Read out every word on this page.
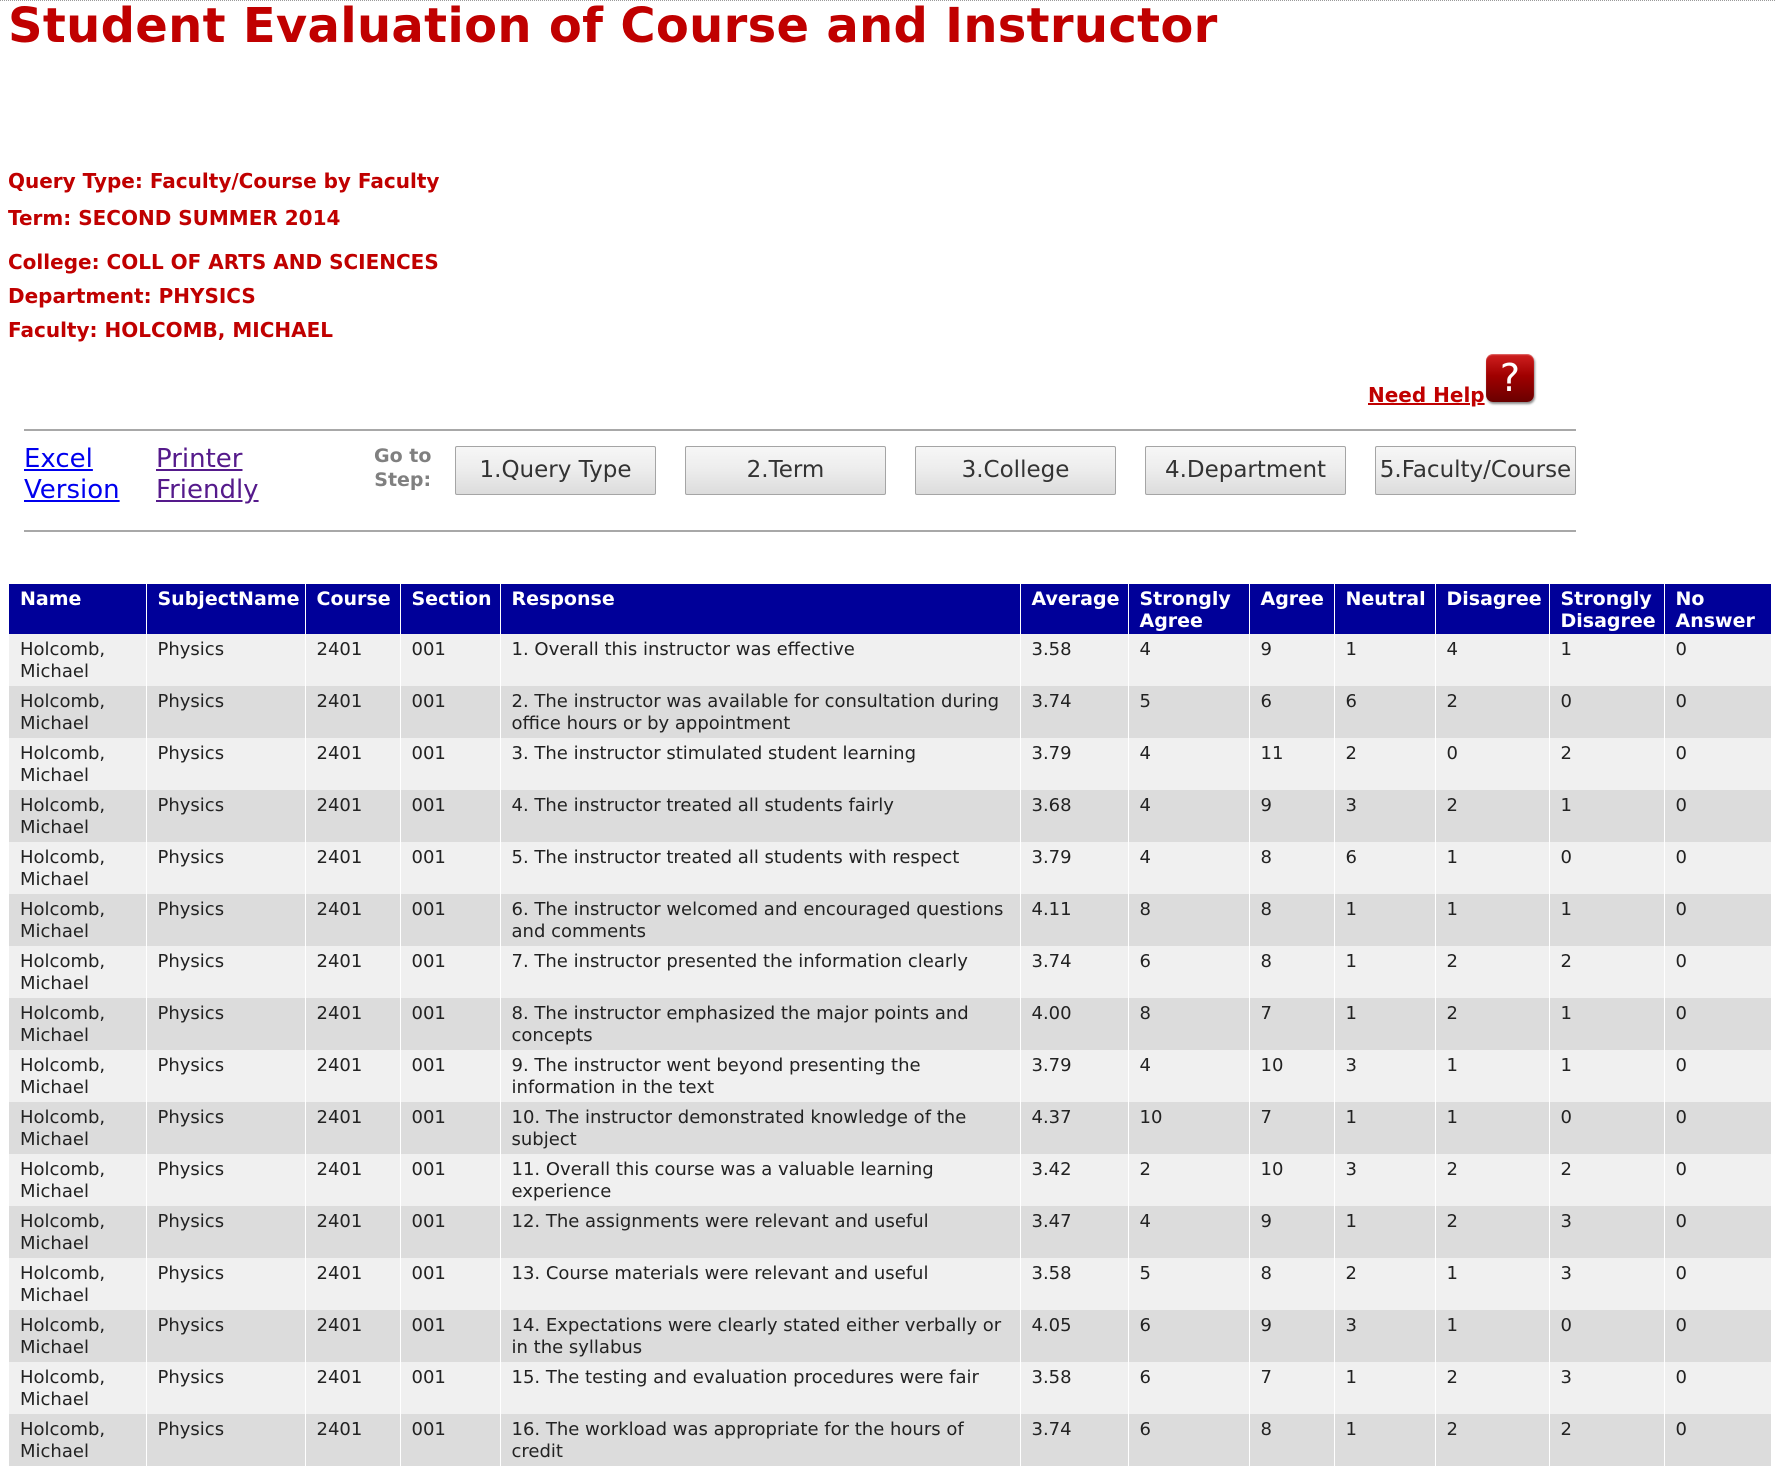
Student Evaluation of Course and Instructor
Query Type: Faculty/Course by Faculty
Term: SECOND SUMMER 2014
College: COLL OF ARTS AND SCIENCES
Department: PHYSICS
Faculty: HOLCOMB, MICHAEL
Need Help ?
Excel
Version
Printer
Friendly
Go to
Step:	1.Query Type	2.Term	3.College	4.Department	5.Faculty/Course
Name	SubjectName	Course	Section	Response	Average	Strongly Agree	Agree	Neutral	Disagree	Strongly Disagree	No Answer
Holcomb, Michael	Physics	2401	001	1. Overall this instructor was effective	3.58	4	9	1	4	1	0
Holcomb, Michael	Physics	2401	001	2. The instructor was available for consultation during office hours or by appointment	3.74	5	6	6	2	0	0
Holcomb, Michael	Physics	2401	001	3. The instructor stimulated student learning	3.79	4	11	2	0	2	0
Holcomb, Michael	Physics	2401	001	4. The instructor treated all students fairly	3.68	4	9	3	2	1	0
Holcomb, Michael	Physics	2401	001	5. The instructor treated all students with respect	3.79	4	8	6	1	0	0
Holcomb, Michael	Physics	2401	001	6. The instructor welcomed and encouraged questions and comments	4.11	8	8	1	1	1	0
Holcomb, Michael	Physics	2401	001	7. The instructor presented the information clearly	3.74	6	8	1	2	2	0
Holcomb, Michael	Physics	2401	001	8. The instructor emphasized the major points and concepts	4.00	8	7	1	2	1	0
Holcomb, Michael	Physics	2401	001	9. The instructor went beyond presenting the information in the text	3.79	4	10	3	1	1	0
Holcomb, Michael	Physics	2401	001	10. The instructor demonstrated knowledge of the subject	4.37	10	7	1	1	0	0
Holcomb, Michael	Physics	2401	001	11. Overall this course was a valuable learning experience	3.42	2	10	3	2	2	0
Holcomb, Michael	Physics	2401	001	12. The assignments were relevant and useful	3.47	4	9	1	2	3	0
Holcomb, Michael	Physics	2401	001	13. Course materials were relevant and useful	3.58	5	8	2	1	3	0
Holcomb, Michael	Physics	2401	001	14. Expectations were clearly stated either verbally or in the syllabus	4.05	6	9	3	1	0	0
Holcomb, Michael	Physics	2401	001	15. The testing and evaluation procedures were fair	3.58	6	7	1	2	3	0
Holcomb, Michael	Physics	2401	001	16. The workload was appropriate for the hours of credit	3.74	6	8	1	2	2	0
